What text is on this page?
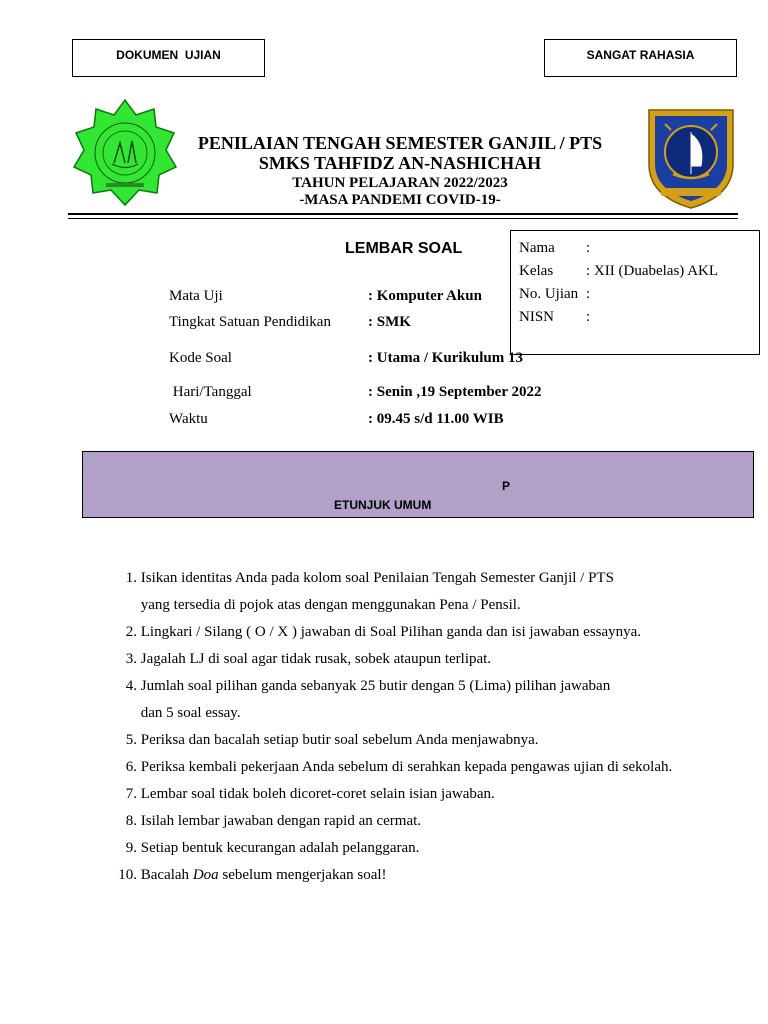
DOKUMEN  UJIAN	SANGAT RAHASIA
PENILAIAN TENGAH SEMESTER GANJIL / PTS
SMKS TAHFIDZ AN-NASHICHAH
TAHUN PELAJARAN 2022/2023
-MASA PANDEMI COVID-19-
LEMBAR SOAL	Nama	:
Kelas	: XII (Duabelas) AKL
No. Ujian :
NISN	:
Mata Uji	: Komputer Akun
Tingkat Satuan Pendidikan	: SMK
Kode Soal	: Utama / Kurikulum 13
Hari/Tanggal	: Senin ,19 September 2022
Waktu	: 09.45 s/d 11.00 WIB
P
ETUNJUK UMUM
1. Isikan identitas Anda pada kolom soal Penilaian Tengah Semester Ganjil / PTS
yang tersedia di pojok atas dengan menggunakan Pena / Pensil.
2. Lingkari / Silang ( O / X ) jawaban di Soal Pilihan ganda dan isi jawaban essaynya.
3. Jagalah LJ di soal agar tidak rusak, sobek ataupun terlipat.
4. Jumlah soal pilihan ganda sebanyak 25 butir dengan 5 (Lima) pilihan jawaban
dan 5 soal essay.
5. Periksa dan bacalah setiap butir soal sebelum Anda menjawabnya.
6. Periksa kembali pekerjaan Anda sebelum di serahkan kepada pengawas ujian di sekolah.
7. Lembar soal tidak boleh dicoret-coret selain isian jawaban.
8. Isilah lembar jawaban dengan rapid an cermat.
9. Setiap bentuk kecurangan adalah pelanggaran.
10. Bacalah Doa sebelum mengerjakan soal!
